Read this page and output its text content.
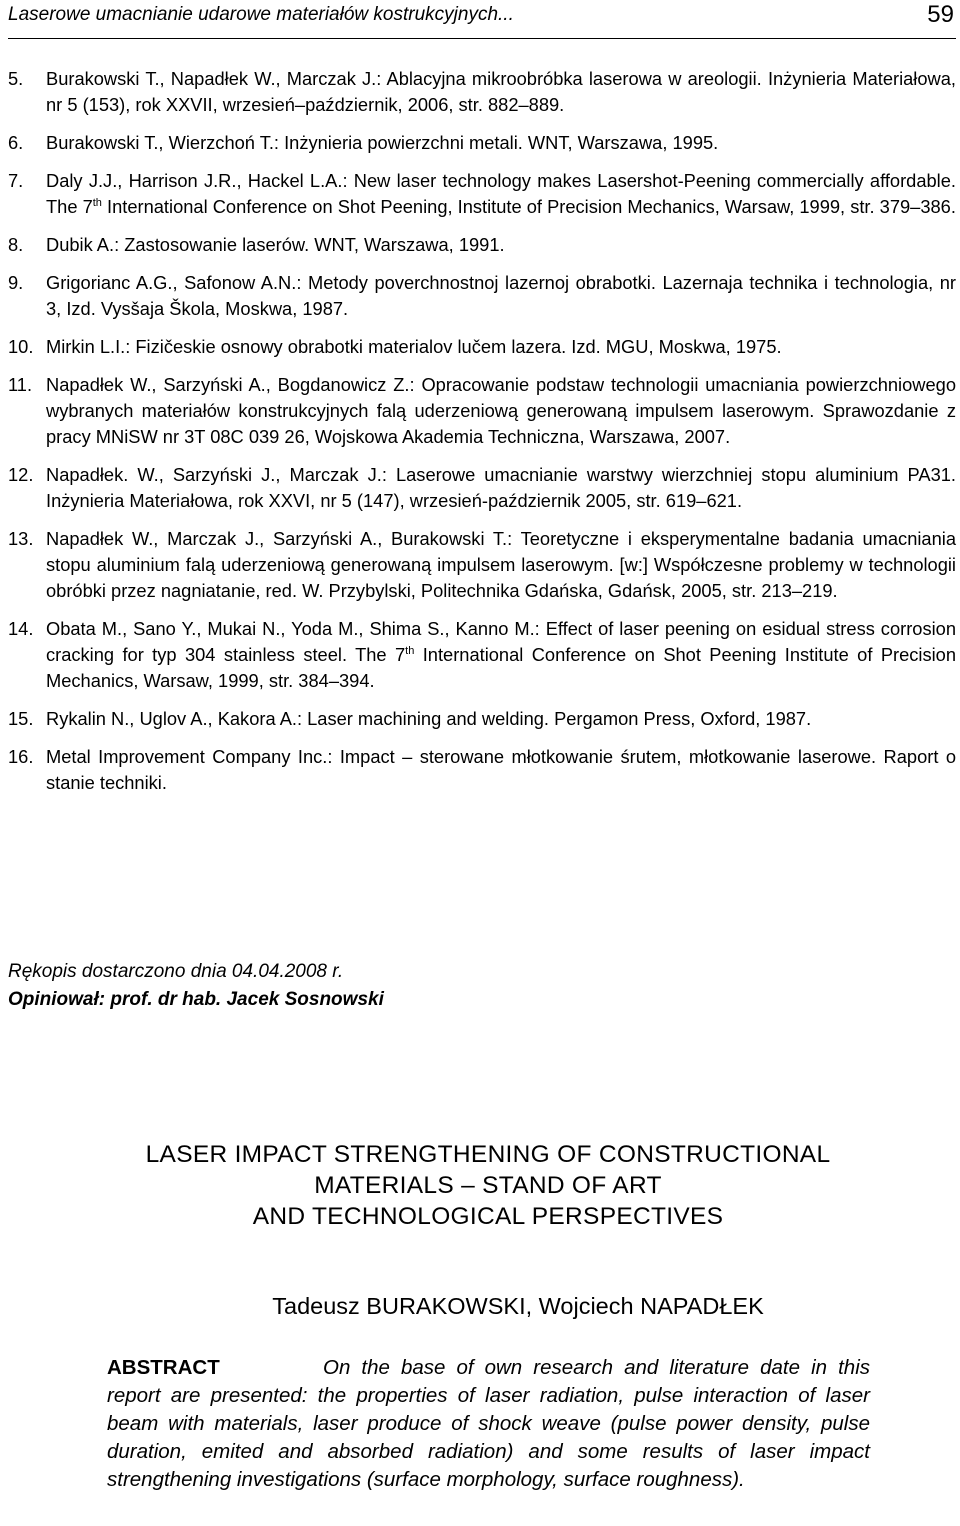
Laserowe umacnianie udarowe materiałów kostrukcyjnych...	59
5.	Burakowski T., Napadłek W., Marczak J.: Ablacyjna mikroobróbka laserowa w areologii. Inżynieria Materiałowa, nr 5 (153), rok XXVII, wrzesień–październik, 2006, str. 882–889.
6.	Burakowski T., Wierzchoń T.: Inżynieria powierzchni metali. WNT, Warszawa, 1995.
7.	Daly J.J., Harrison J.R., Hackel L.A.: New laser technology makes Lasershot-Peening commercially affordable. The 7th International Conference on Shot Peening, Institute of Precision Mechanics, Warsaw, 1999, str. 379–386.
8.	Dubik A.: Zastosowanie laserów. WNT, Warszawa, 1991.
9.	Grigorianc A.G., Safonow A.N.: Metody poverchnostnoj lazernoj obrabotki. Lazernaja technika i technologia, nr 3, Izd. Vysšaja Škola, Moskwa, 1987.
10. Mirkin L.I.: Fizičeskie osnowy obrabotki materialov lučem lazera. Izd. MGU, Moskwa, 1975.
11. Napadłek W., Sarzyński A., Bogdanowicz Z.: Opracowanie podstaw technologii umacniania powierzchniowego wybranych materiałów konstrukcyjnych falą uderzeniową generowaną impulsem laserowym. Sprawozdanie z pracy MNiSW nr 3T 08C 039 26, Wojskowa Akademia Techniczna, Warszawa, 2007.
12. Napadłek. W., Sarzyński J., Marczak J.: Laserowe umacnianie warstwy wierzchniej stopu aluminium PA31. Inżynieria Materiałowa, rok XXVI, nr 5 (147), wrzesień-październik 2005, str. 619–621.
13. Napadłek W., Marczak J., Sarzyński A., Burakowski T.: Teoretyczne i eksperymentalne badania umacniania stopu aluminium falą uderzeniową generowaną impulsem laserowym. [w:] Współczesne problemy w technologii obróbki przez nagniatanie, red. W. Przybylski, Politechnika Gdańska, Gdańsk, 2005, str. 213–219.
14. Obata M., Sano Y., Mukai N., Yoda M., Shima S., Kanno M.: Effect of laser peening on esidual stress corrosion cracking for typ 304 stainless steel. The 7th International Conference on Shot Peening Institute of Precision Mechanics, Warsaw, 1999, str. 384–394.
15. Rykalin N., Uglov A., Kakora A.: Laser machining and welding. Pergamon Press, Oxford, 1987.
16. Metal Improvement Company Inc.: Impact – sterowane młotkowanie śrutem, młotkowanie laserowe. Raport o stanie techniki.
Rękopis dostarczono dnia 04.04.2008 r.
Opiniował: prof. dr hab. Jacek Sosnowski
LASER IMPACT STRENGTHENING OF CONSTRUCTIONAL
MATERIALS – STAND OF ART
AND TECHNOLOGICAL PERSPECTIVES
Tadeusz BURAKOWSKI, Wojciech NAPADŁEK
ABSTRACT	On the base of own research and literature date in this report are presented: the properties of laser radiation, pulse interaction of laser beam with materials, laser produce of shock weave (pulse power density, pulse duration, emited and absorbed radiation) and some results of laser impact strengthening investigations (surface morphology, surface roughness).
